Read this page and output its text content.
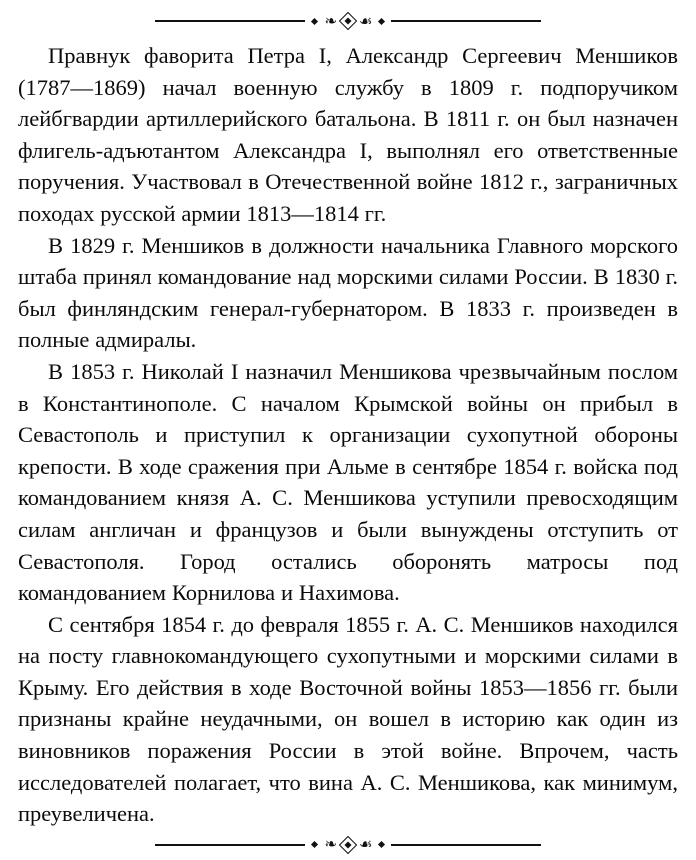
❧ ☙

Правнук фаворита Петра I, Александр Сергеевич Меншиков (1787—1869) начал военную службу в 1809 г. подпоручиком лейбгвардии артиллерийского батальона. В 1811 г. он был назначен флигель-адъютантом Александра I, выполнял его ответственные поручения. Участвовал в Отечественной войне 1812 г., заграничных походах русской армии 1813—1814 гг.

В 1829 г. Меншиков в должности начальника Главного морского штаба принял командование над морскими силами России. В 1830 г. был финляндским генерал-губернатором. В 1833 г. произведен в полные адмиралы.

В 1853 г. Николай I назначил Меншикова чрезвычайным послом в Константинополе. С началом Крымской войны он прибыл в Севастополь и приступил к организации сухопутной обороны крепости. В ходе сражения при Альме в сентябре 1854 г. войска под командованием князя А. С. Меншикова уступили превосходящим силам англичан и французов и были вынуждены отступить от Севастополя. Город остались оборонять матросы под командованием Корнилова и Нахимова.

С сентября 1854 г. до февраля 1855 г. А. С. Меншиков находился на посту главнокомандующего сухопутными и морскими силами в Крыму. Его действия в ходе Восточной войны 1853—1856 гг. были признаны крайне неудачными, он вошел в историю как один из виновников поражения России в этой войне. Впрочем, часть исследователей полагает, что вина А. С. Меншикова, как минимум, преувеличена.

❧ ☙
